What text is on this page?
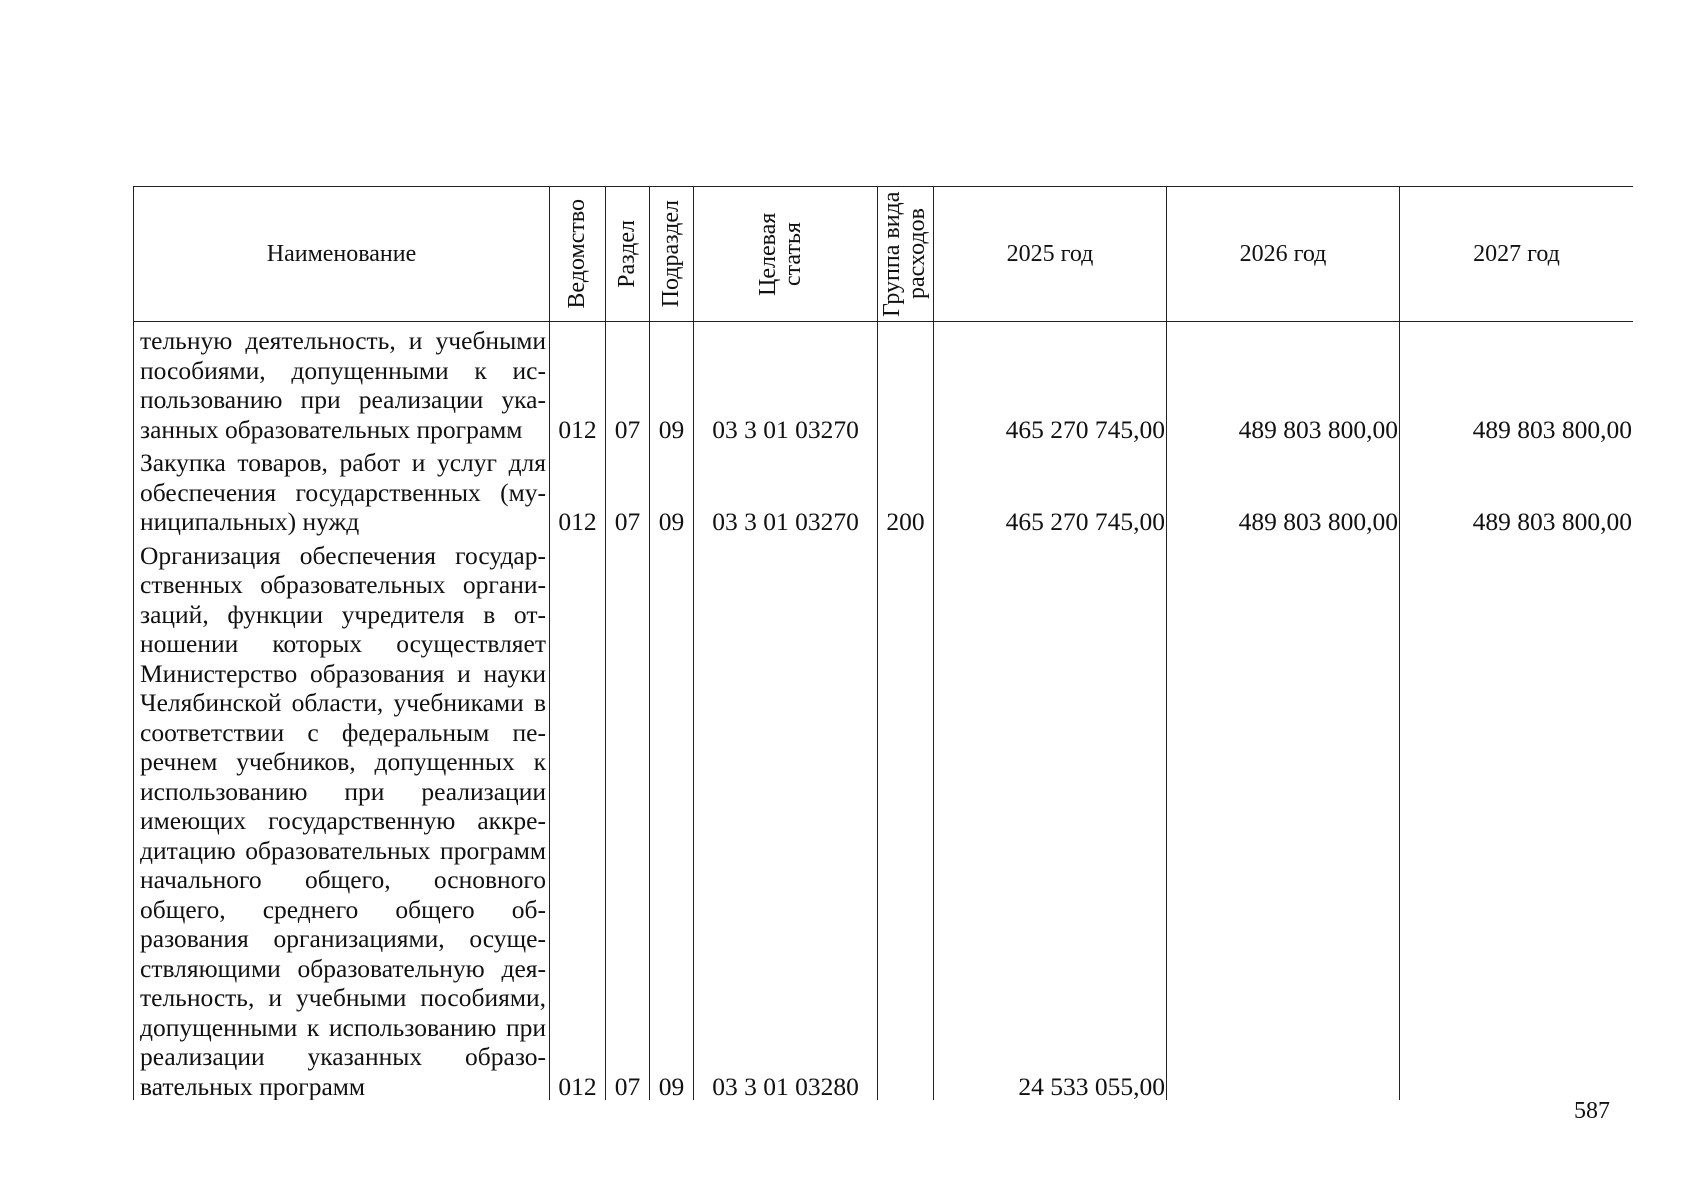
Наименование	Ведомство	Раздел	Подраздел	Целевая статья	Группа вида расходов	2025 год	2026 год	2027 год
тельную деятельность, и учебными пособиями, допущенными к использованию при реализации указанных образовательных программ	012	07	09	03 3 01 03270		465 270 745,00	489 803 800,00	489 803 800,00
Закупка товаров, работ и услуг для обеспечения государственных (муниципальных) нужд	012	07	09	03 3 01 03270	200	465 270 745,00	489 803 800,00	489 803 800,00
Организация обеспечения государственных образовательных организаций, функции учредителя в отношении которых осуществляет Министерство образования и науки Челябинской области, учебниками в соответствии с федеральным перечнем учебников, допущенных к использованию при реализации имеющих государственную аккредитацию образовательных программ начального общего, основного общего, среднего общего образования организациями, осуществляющими образовательную деятельность, и учебными пособиями, допущенными к использованию при реализации указанных образовательных программ	012	07	09	03 3 01 03280		24 533 055,00		
587
